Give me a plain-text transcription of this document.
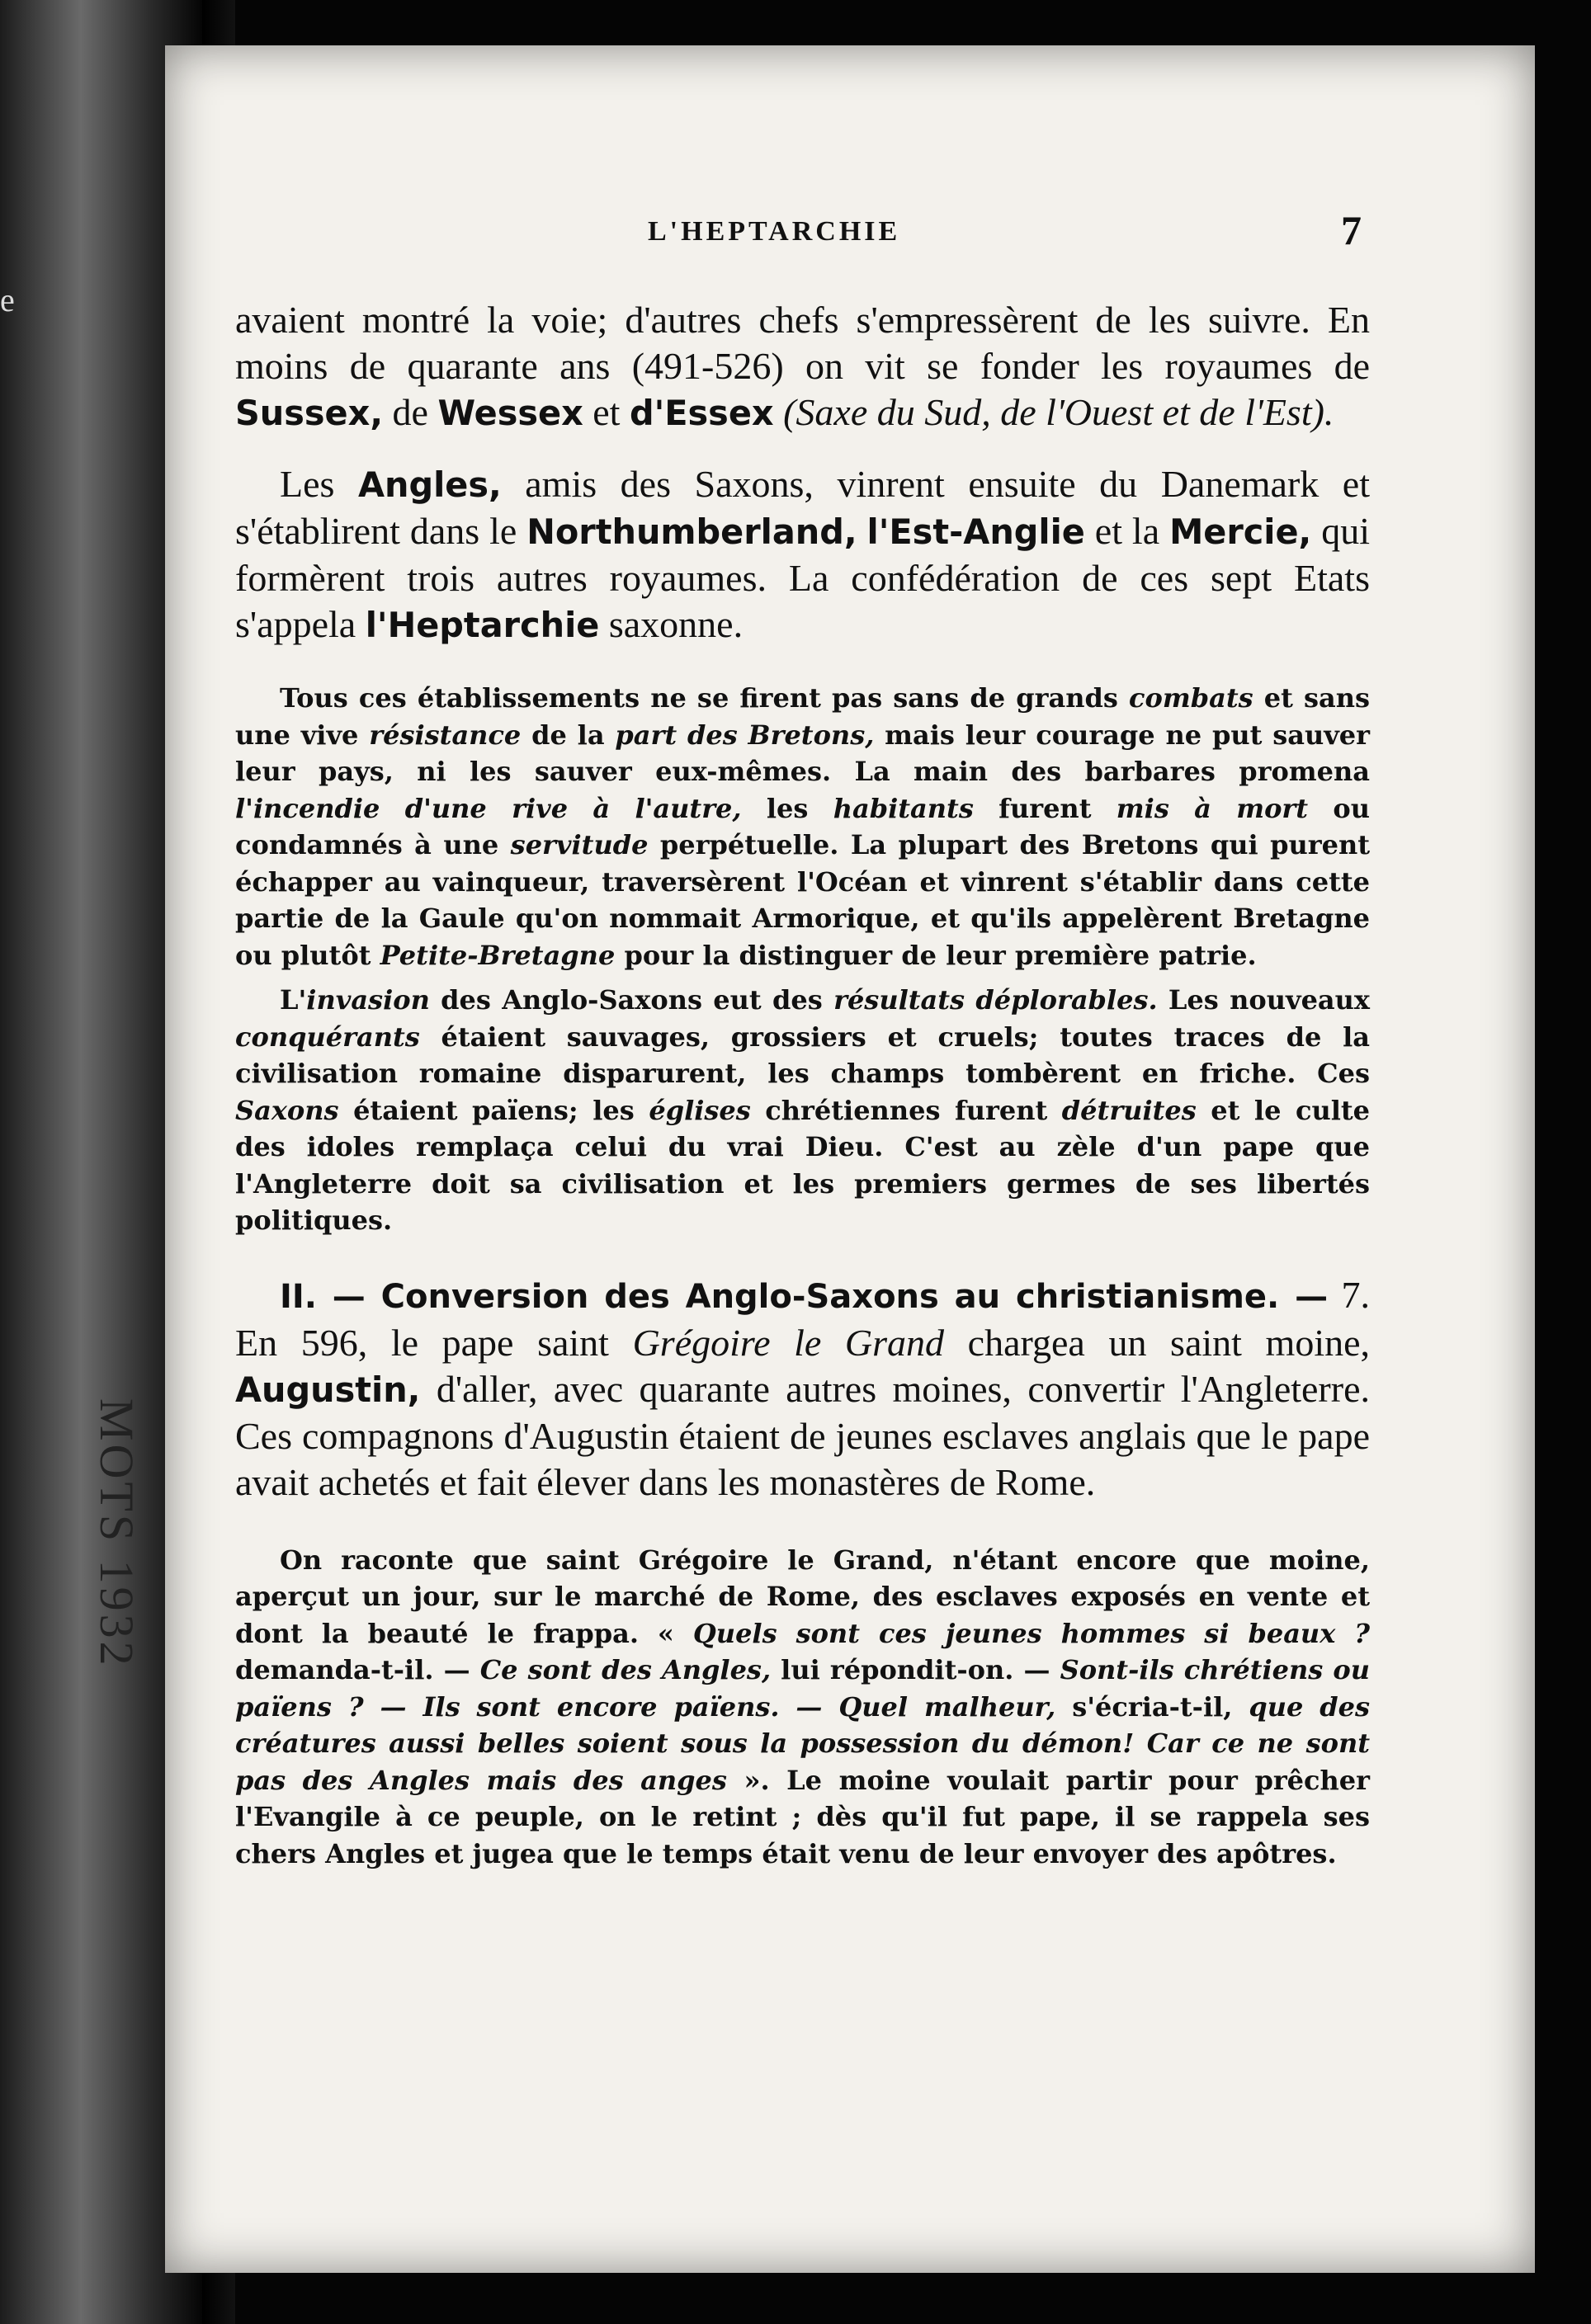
e
MOTS 1932
L'HEPTARCHIE	7

avaient montré la voie; d'autres chefs s'empressèrent de les suivre. En moins de quarante ans (491-526) on vit se fonder les royaumes de Sussex, de Wessex et d'Essex (Saxe du Sud, de l'Ouest et de l'Est).

Les Angles, amis des Saxons, vinrent ensuite du Danemark et s'établirent dans le Northumberland, l'Est-Anglie et la Mercie, qui formèrent trois autres royaumes. La confédération de ces sept Etats s'appela l'Heptarchie saxonne.

Tous ces établissements ne se firent pas sans de grands combats et sans une vive résistance de la part des Bretons, mais leur courage ne put sauver leur pays, ni les sauver eux-mêmes. La main des barbares promena l'incendie d'une rive à l'autre, les habitants furent mis à mort ou condamnés à une servitude perpétuelle. La plupart des Bretons qui purent échapper au vainqueur, traversèrent l'Océan et vinrent s'établir dans cette partie de la Gaule qu'on nommait Armorique, et qu'ils appelèrent Bretagne ou plutôt Petite-Bretagne pour la distinguer de leur première patrie.

L'invasion des Anglo-Saxons eut des résultats déplorables. Les nouveaux conquérants étaient sauvages, grossiers et cruels; toutes traces de la civilisation romaine disparurent, les champs tombèrent en friche. Ces Saxons étaient païens; les églises chrétiennes furent détruites et le culte des idoles remplaça celui du vrai Dieu. C'est au zèle d'un pape que l'Angleterre doit sa civilisation et les premiers germes de ses libertés politiques.

II. — Conversion des Anglo-Saxons au christianisme. — 7. En 596, le pape saint Grégoire le Grand chargea un saint moine, Augustin, d'aller, avec quarante autres moines, convertir l'Angleterre. Ces compagnons d'Augustin étaient de jeunes esclaves anglais que le pape avait achetés et fait élever dans les monastères de Rome.

On raconte que saint Grégoire le Grand, n'étant encore que moine, aperçut un jour, sur le marché de Rome, des esclaves exposés en vente et dont la beauté le frappa. « Quels sont ces jeunes hommes si beaux ? demanda-t-il. — Ce sont des Angles, lui répondit-on. — Sont-ils chrétiens ou païens ? — Ils sont encore païens. — Quel malheur, s'écria-t-il, que des créatures aussi belles soient sous la possession du démon! Car ce ne sont pas des Angles mais des anges ». Le moine voulait partir pour prêcher l'Evangile à ce peuple, on le retint ; dès qu'il fut pape, il se rappela ses chers Angles et jugea que le temps était venu de leur envoyer des apôtres.
